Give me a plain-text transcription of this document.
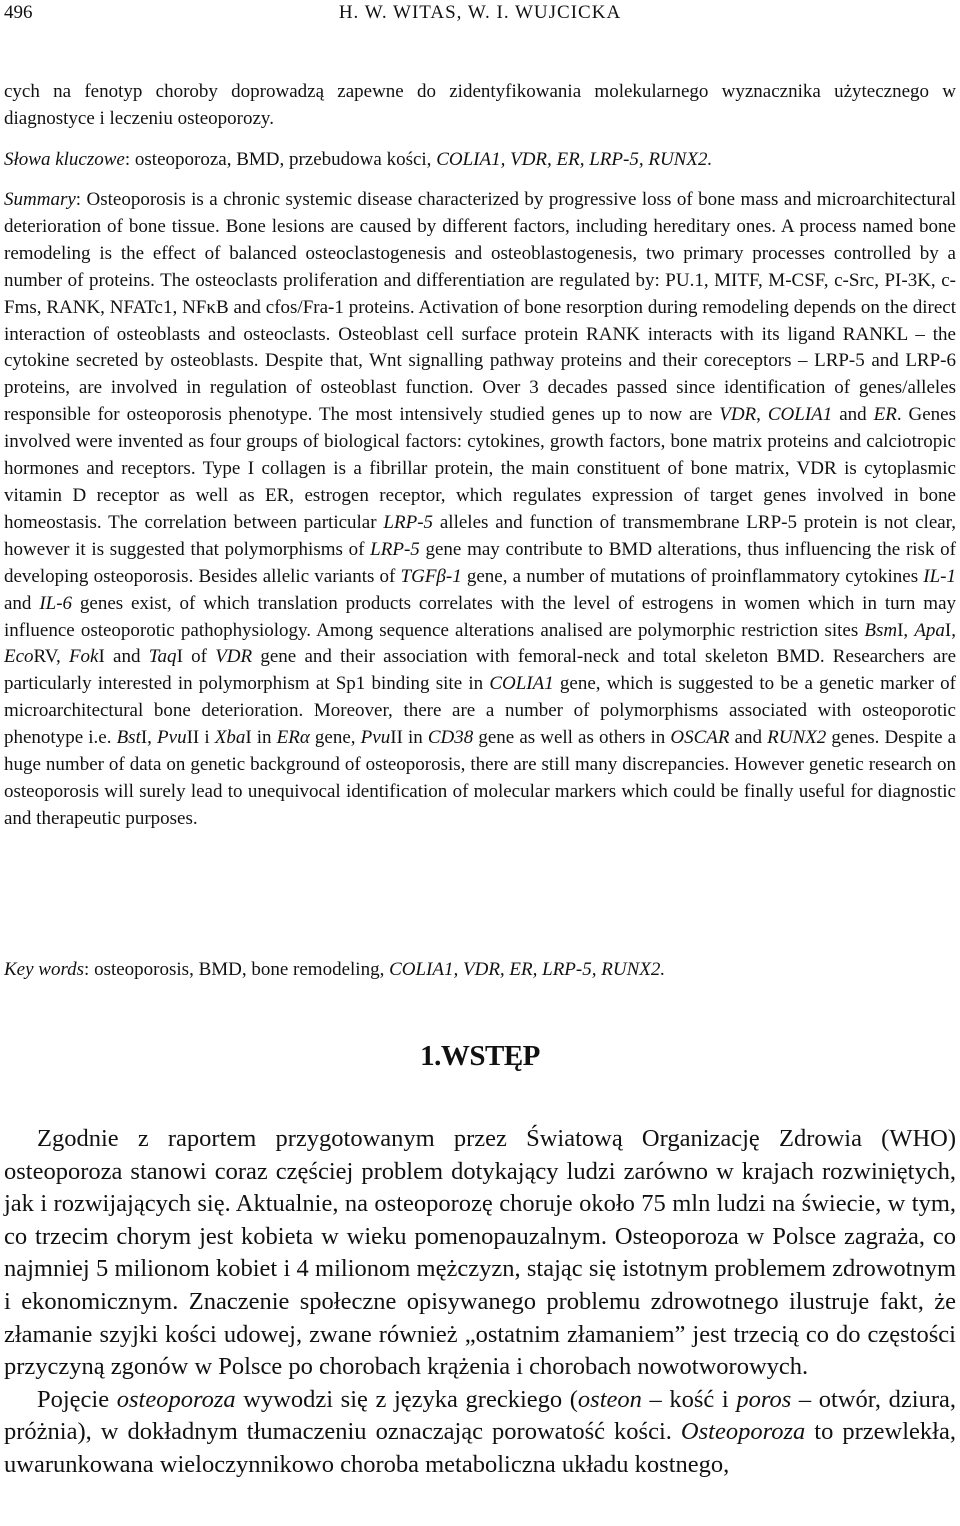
496	H. W. WITAS, W. I. WUJCICKA

cych na fenotyp choroby doprowadzą zapewne do zidentyfikowania molekularnego wyznacznika użytecznego w diagnostyce i leczeniu osteoporozy.

Słowa kluczowe: osteoporoza, BMD, przebudowa kości, COLIA1, VDR, ER, LRP-5, RUNX2.

Summary: Osteoporosis is a chronic systemic disease characterized by progressive loss of bone mass and microarchitectural deterioration of bone tissue. Bone lesions are caused by different factors, including hereditary ones. A process named bone remodeling is the effect of balanced osteoclastogenesis and osteoblastogenesis, two primary processes controlled by a number of proteins. The osteoclasts proliferation and differentiation are regulated by: PU.1, MITF, M-CSF, c-Src, PI-3K, c-Fms, RANK, NFATc1, NFκB and cfos/Fra-1 proteins. Activation of bone resorption during remodeling depends on the direct interaction of osteoblasts and osteoclasts. Osteoblast cell surface protein RANK interacts with its ligand RANKL – the cytokine secreted by osteoblasts. Despite that, Wnt signalling pathway proteins and their coreceptors – LRP-5 and LRP-6 proteins, are involved in regulation of osteoblast function. Over 3 decades passed since identification of genes/alleles responsible for osteoporosis phenotype. The most intensively studied genes up to now are VDR, COLIA1 and ER. Genes involved were invented as four groups of biological factors: cytokines, growth factors, bone matrix proteins and calciotropic hormones and receptors. Type I collagen is a fibrillar protein, the main constituent of bone matrix, VDR is cytoplasmic vitamin D receptor as well as ER, estrogen receptor, which regulates expression of target genes involved in bone homeostasis. The correlation between particular LRP-5 alleles and function of transmembrane LRP-5 protein is not clear, however it is suggested that polymorphisms of LRP-5 gene may contribute to BMD alterations, thus influencing the risk of developing osteoporosis. Besides allelic variants of TGFβ-1 gene, a number of mutations of proinflammatory cytokines IL-1 and IL-6 genes exist, of which translation products correlates with the level of estrogens in women which in turn may influence osteoporotic pathophysiology. Among sequence alterations analised are polymorphic restriction sites BsmI, ApaI, EcoRV, FokI and TaqI of VDR gene and their association with femoral-neck and total skeleton BMD. Researchers are particularly interested in polymorphism at Sp1 binding site in COLIA1 gene, which is suggested to be a genetic marker of microarchitectural bone deterioration. Moreover, there are a number of polymorphisms associated with osteoporotic phenotype i.e. BstI, PvuII i XbaI in ERα gene, PvuII in CD38 gene as well as others in OSCAR and RUNX2 genes. Despite a huge number of data on genetic background of osteoporosis, there are still many discrepancies. However genetic research on osteoporosis will surely lead to unequivocal identification of molecular markers which could be finally useful for diagnostic and therapeutic purposes.

Key words: osteoporosis, BMD, bone remodeling, COLIA1, VDR, ER, LRP-5, RUNX2.

1.WSTĘP

Zgodnie z raportem przygotowanym przez Światową Organizację Zdrowia (WHO) osteoporoza stanowi coraz częściej problem dotykający ludzi zarówno w krajach rozwiniętych, jak i rozwijających się. Aktualnie, na osteoporozę choruje około 75 mln ludzi na świecie, w tym, co trzecim chorym jest kobieta w wieku pomenopauzalnym. Osteoporoza w Polsce zagraża, co najmniej 5 milionom kobiet i 4 milionom mężczyzn, stając się istotnym problemem zdrowotnym i ekonomicznym. Znaczenie społeczne opisywanego problemu zdrowotnego ilustruje fakt, że złamanie szyjki kości udowej, zwane również „ostatnim złamaniem” jest trzecią co do częstości przyczyną zgonów w Polsce po chorobach krążenia i chorobach nowotworowych.

Pojęcie osteoporoza wywodzi się z języka greckiego (osteon – kość i poros – otwór, dziura, próżnia), w dokładnym tłumaczeniu oznaczając porowatość kości. Osteoporoza to przewlekła, uwarunkowana wieloczynnikowo choroba metaboliczna układu kostnego,
